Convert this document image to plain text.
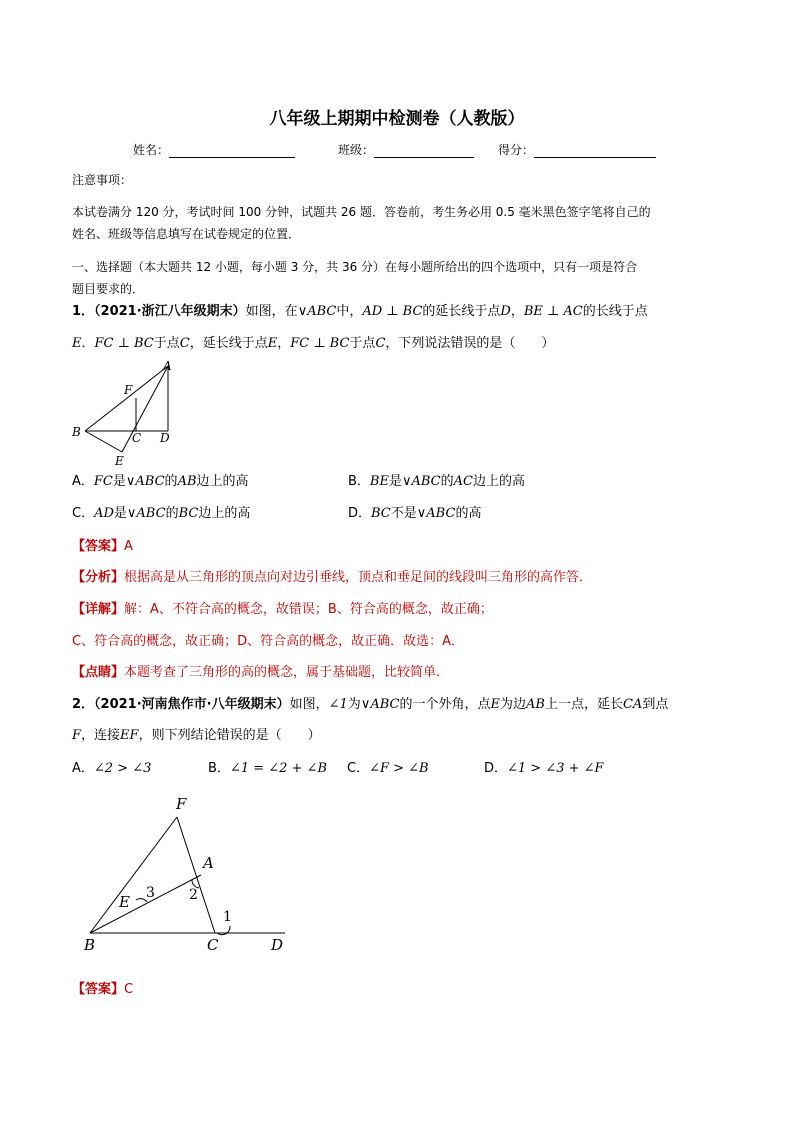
八年级上期期中检测卷（人教版）
姓名：	班级：	得分：
注意事项：
本试卷满分 120 分，考试时间 100 分钟，试题共 26 题．答卷前，考生务必用 0.5 毫米黑色签字笔将自己的
姓名、班级等信息填写在试卷规定的位置．
一、选择题（本大题共 12 小题，每小题 3 分，共 36 分）在每小题所给出的四个选项中，只有一项是符合
题目要求的．
1．（2021·浙江八年级期末）如图，在∨ABC中，AD ⊥ BC的延长线于点D，BE ⊥ AC的长线于点
E．FC ⊥ BC于点C，延长线于点E，FC ⊥ BC于点C，下列说法错误的是（　　）
A
F
B	C D
E
A．FC是∨ABC的AB边上的高	B．BE是∨ABC的AC边上的高
C．AD是∨ABC的BC边上的高	D．BC不是∨ABC的高
【答案】A
【分析】根据高是从三角形的顶点向对边引垂线，顶点和垂足间的线段叫三角形的高作答．
【详解】解：A、不符合高的概念，故错误；B、符合高的概念，故正确；
C、符合高的概念，故正确；D、符合高的概念，故正确．故选：A．
【点睛】本题考查了三角形的高的概念，属于基础题，比较简单．
2．（2021·河南焦作市·八年级期末）如图，∠1为∨ABC的一个外角，点E为边AB上一点，延长CA到点
F，连接EF，则下列结论错误的是（　　）
A．∠2 > ∠3	B．∠1 = ∠2 + ∠B C．∠F > ∠B	D．∠1 > ∠3 + ∠F
F
A
E 3 2
1
B	C	D
【答案】C
